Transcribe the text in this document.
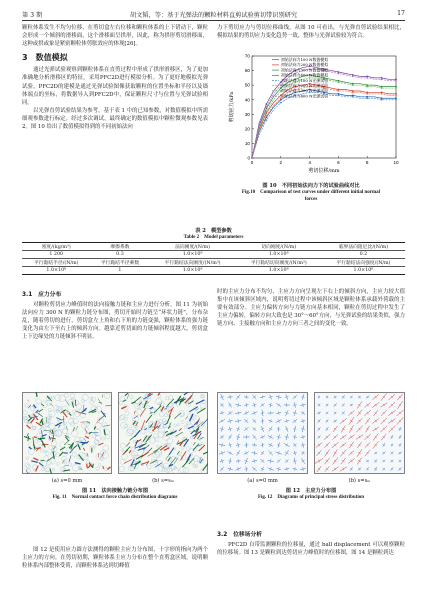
第 3 期	胡文韬，等：基于光弹法的颗粒材料直剪试验剪切带识别研究	17

颗粒体系发生不均匀位移，在剪切盒左右位移和颗粒体系的上下错动下，颗粒会形成一个倾斜的滑移面，这个滑移面呈拱形，因此，称为拱形剪切滑移面，这种或拱或象是紧密颗粒体剪胀效应的体现[26]。

3　数值模拟

通过光弹试验观察到颗粒体系在直剪过程中形成了拱形滑移区，为了更加准确地分析滑移区的特征，采用PFC2D进行模拟分析。为了更好地模拟光弹试验，PFC2D的建模是通过光弹试验图像获取颗粒的位置坐标和半径以及墙体端点的坐标，将数据导入到PFC2D中，保证颗粒尺寸与位置与光弹试验相同。

以光弹直剪试验结果为参考，基于表 1 中的已知参数，对数值模拟中所需细观参数进行标定。经过多次调试，最终确定的数值模拟中颗粒微观参数见表 2。图 10 给出了数值模拟得到的不同初始法向

力下剪切应力与剪切位移曲线，从图 10 可看出，与光弹直剪试验结果相比，模拟结果的剪切应力变化趋势一致，整体与光弹试验较为符合。

0	2	4	6	8	10
0
10
20
30
40
50
60
70
剪切位移/mm
剪切应力/kPa
初始法向力100 N数值模拟
初始法向力200 N数值模拟
初始法向力300 N数值模拟
初始法向力400 N数值模拟
初始法向力100 N光弹试验
初始法向力200 N光弹试验
初始法向力300 N光弹试验
初始法向力400 N光弹试验
图 10　不同初始法向力下的试验曲线对比
Fig.10　Comparison of test curves under different initial normal forces
表 2　模型参数
Table 2　Model parameters
密度/(kg/m³)	摩擦系数	法向刚度/(N/m)	切向刚度/(N/m)	临界法向阻尼比/(N/m)
1 200	0.3	1.0×10⁸	1.0×10⁸	0.2
平行黏结半径/(N/m)	平行黏结半径乘数	平行黏结法向刚度/(N/m³)	平行黏结切向刚度/(N/m³)	平行黏结法向强度/(N/m)
1.0×10⁸	1	1.0×10⁸	1.0×10⁸	1.0×10⁸
3.1　应力分布

对颗粒剪切应力峰值时的法向接触力链和主应力进行分析，图 11 为初始法向应力 300 N 的颗粒力链分布图，剪切开始时力链呈“环状力链”，分布杂乱，随着剪切的进行，剪切盒左上角和右下角的力链变强，颗粒体系的强力链变化为由左下至右上的倾斜方向。越靠近剪切面的力链倾斜程度越大，剪切盒上下边缘处的力链倾斜不明显。

(a) s=0 mm	(b) s=sₘ
图 11　法向接触力链分布图
Fig. 11　Normal contact force chain distribution diagrams

图 12 是使用应力圆方法测得的颗粒主应力分布图，十字形的指向为两个主应力的方向。在剪切初期，颗粒体系主应力分布在整个直剪盒区域，说明颗粒体系内部整体受荷，而颗粒体系达到切峰值

时的主应力分布不均匀，主应力方向呈现左下右上的倾斜方向，主应力较大值集中在该倾斜区域内，说明剪切过程中该倾斜区域是颗粒体系承载外荷载的主要有效部分。主应力偏转方向与力链方向基本相同，颗粒在剪切过程中发生了主应力偏转，偏转方向大致也是 30°～60°方向，与光弹试验的结果类似，强力链方向、主接触方向和主应力方向三者之间的变化一致。

(a) s=0 mm	(b) s=sₘ
图 12　主应力分布图
Fig. 12　Diagrams of principal stress distribution
3.2　位移场分析

PFC2D 自带监测颗粒的位移量，通过 ball displacement 可以观察颗粒的位移场。图 13 是颗粒到达剪切应力峰值时的位移图，图 14 是颗粒到达
